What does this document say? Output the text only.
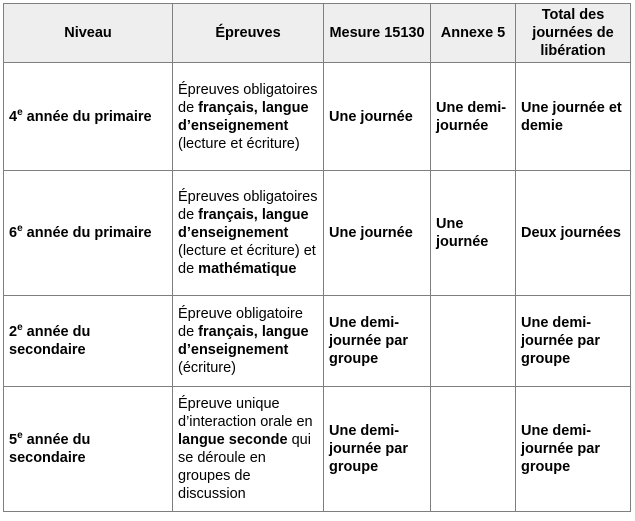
Niveau	Épreuves	Mesure 15130	Annexe 5	Total des journées de libération
4e année du primaire	Épreuves obligatoires de français, langue d’enseignement (lecture et écriture)	Une journée	Une demi-journée	Une journée et demie
6e année du primaire	Épreuves obligatoires de français, langue d’enseignement (lecture et écriture) et de mathématique	Une journée	Une journée	Deux journées
2e année du secondaire	Épreuve obligatoire de français, langue d’enseignement (écriture)	Une demi-journée par groupe		Une demi-journée par groupe
5e année du secondaire	Épreuve unique d’interaction orale en langue seconde qui se déroule en groupes de discussion	Une demi-journée par groupe		Une demi-journée par groupe
